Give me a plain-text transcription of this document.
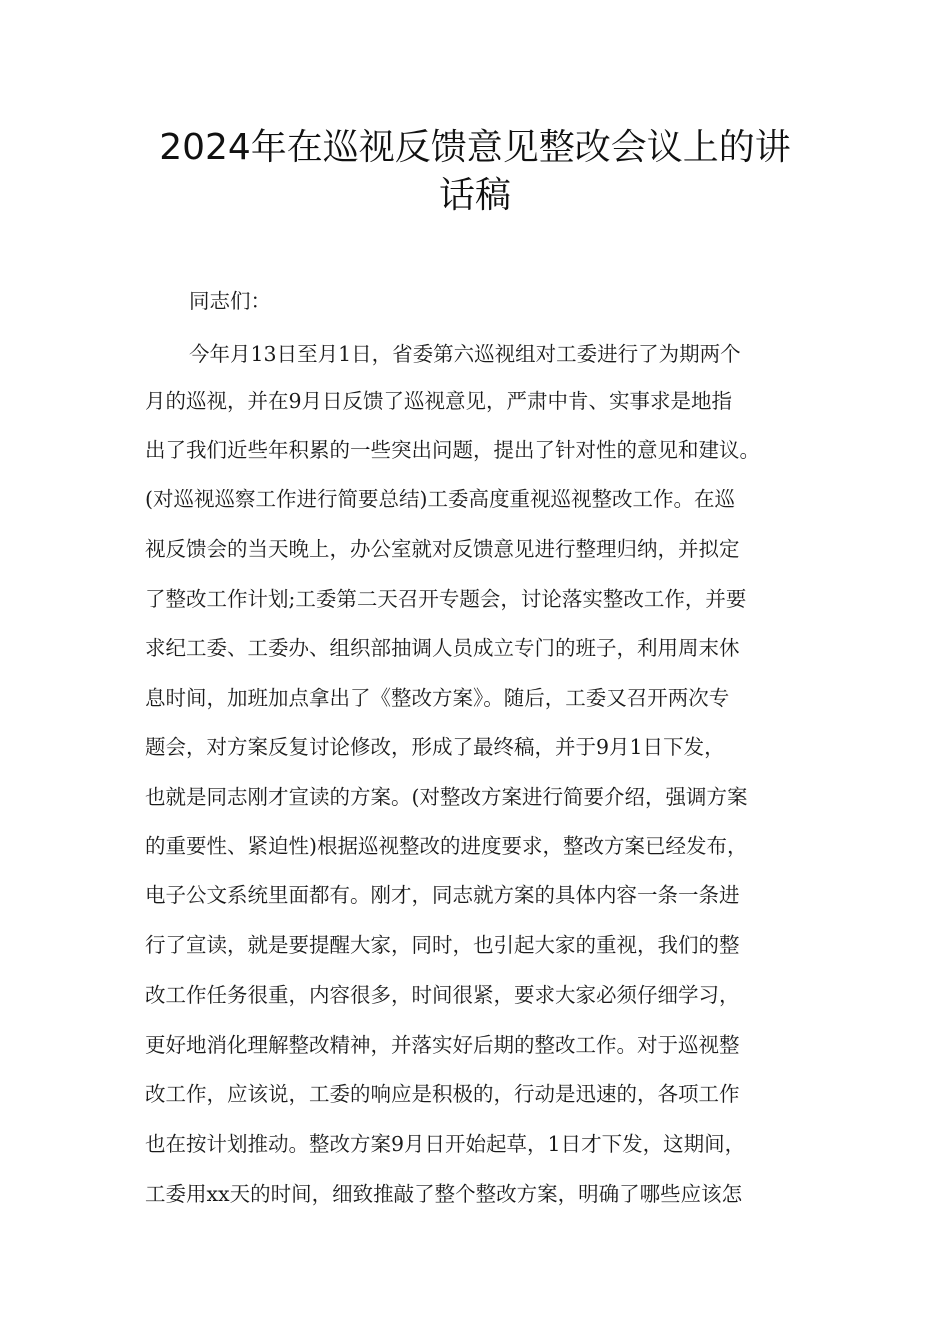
2024年在巡视反馈意见整改会议上的讲
话稿
同志们：
今年月13日至月1日，省委第六巡视组对工委进行了为期两个
月的巡视，并在9月日反馈了巡视意见，严肃中肯、实事求是地指
出了我们近些年积累的一些突出问题，提出了针对性的意见和建议。
(对巡视巡察工作进行简要总结)工委高度重视巡视整改工作。在巡
视反馈会的当天晚上，办公室就对反馈意见进行整理归纳，并拟定
了整改工作计划;工委第二天召开专题会，讨论落实整改工作，并要
求纪工委、工委办、组织部抽调人员成立专门的班子，利用周末休
息时间，加班加点拿出了《整改方案》。随后，工委又召开两次专
题会，对方案反复讨论修改，形成了最终稿，并于9月1日下发，
也就是同志刚才宣读的方案。(对整改方案进行简要介绍，强调方案
的重要性、紧迫性)根据巡视整改的进度要求，整改方案已经发布，
电子公文系统里面都有。刚才，同志就方案的具体内容一条一条进
行了宣读，就是要提醒大家，同时，也引起大家的重视，我们的整
改工作任务很重，内容很多，时间很紧，要求大家必须仔细学习，
更好地消化理解整改精神，并落实好后期的整改工作。对于巡视整
改工作，应该说，工委的响应是积极的，行动是迅速的，各项工作
也在按计划推动。整改方案9月日开始起草，1日才下发，这期间，
工委用xx天的时间，细致推敲了整个整改方案，明确了哪些应该怎
